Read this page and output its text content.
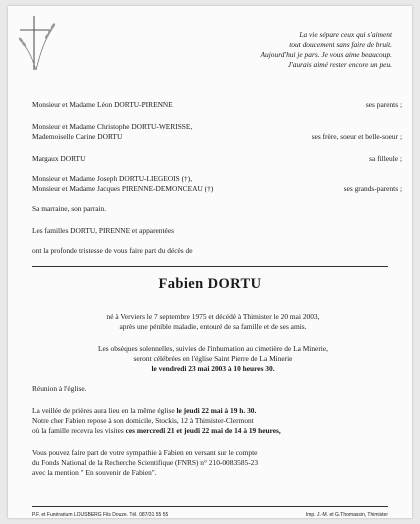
La vie sépare ceux qui s'aiment
tout doucement sans faire de bruit.
Aujourd'hui je pars. Je vous aime beaucoup.
J'aurais aimé rester encore un peu.
Monsieur et Madame Léon DORTU-PIRENNE	ses parents ;
Monsieur et Madame Christophe DORTU-WERISSE,
Mademoiselle Carine DORTU	ses frère, soeur et belle-soeur ;
Margaux DORTU	sa filleule ;
Monsieur et Madame Joseph DORTU-LIEGEOIS (†),
Monsieur et Madame Jacques PIRENNE-DEMONCEAU (†)	ses grands-parents ;
Sa marraine, son parrain.
Les familles DORTU, PIRENNE et apparentées
ont la profonde tristesse de vous faire part du décès de
Fabien DORTU
né à Verviers le 7 septembre 1975 et décédé à Thimister le 20 mai 2003,
après une pénible maladie, entouré de sa famille et de ses amis.
Les obsèques solennelles, suivies de l'inhumation au cimetière de La Minerie,
seront célébrées en l'église Saint Pierre de La Minerie
le vendredi 23 mai 2003 à 10 heures 30.
Réunion à l'église.
La veillée de prières aura lieu en la même église le jeudi 22 mai à 19 h. 30.
Notre cher Fabien repose à son domicile, Stockis, 12 à Thimister-Clermont
où la famille recevra les visites ces mercredi 21 et jeudi 22 mai de 14 à 19 heures,
Vous pouvez faire part de votre sympathie à Fabien en versant sur le compte
du Fonds National de la Recherche Scientifique (FNRS) n° 210-0083585-23
avec la mention " En souvenir de Fabien".
P.F. et Funérarium LOUSBERG Fils Douze. Tél. 087/31 55 55	Imp. J.-M. et G.Thomassin, Thimister
